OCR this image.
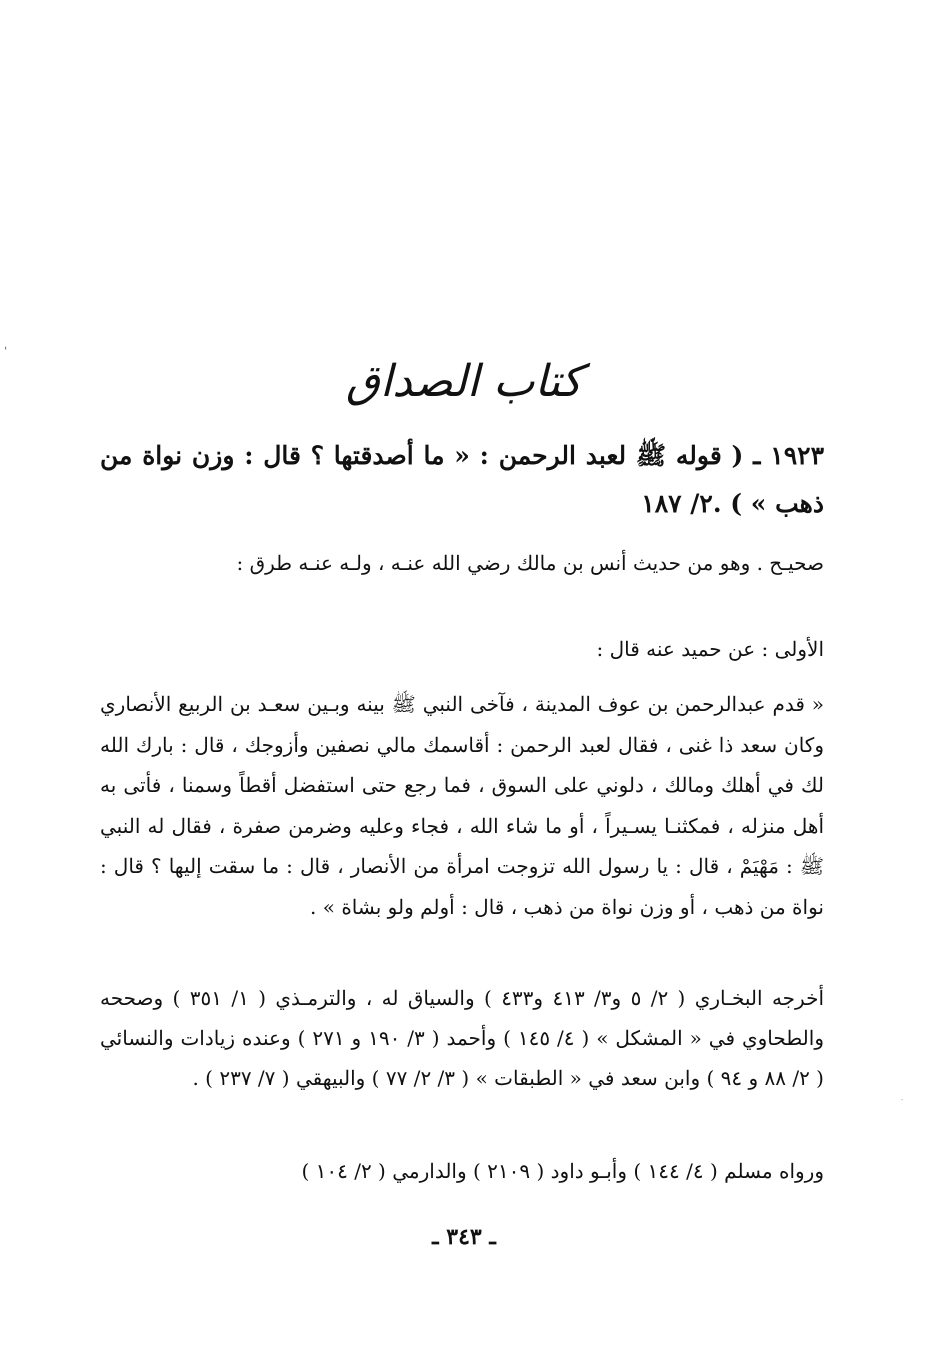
ˈ
كتاب الصداق
١٩٢٣ ـ ( قوله ﷺ لعبد الرحمن : « ما أصدقتها ؟ قال : وزن نواة من ذهب » ) .٢/ ١٨٧

صحيـح . وهو من حديث أنس بن مالك رضي الله عنـه ، ولـه عنـه طرق :

الأولى : عن حميد عنه قال :

« قدم عبدالرحمن بن عوف المدينة ، فآخى النبي ﷺ بينه وبـين سعـد بن الربيع الأنصاري وكان سعد ذا غنى ، فقال لعبد الرحمن : أقاسمك مالي نصفين وأزوجك ، قال : بارك الله لك في أهلك ومالك ، دلوني على السوق ، فما رجع حتى استفضل أقطاً وسمنا ، فأتى به أهل منزله ، فمكثنـا يسـيراً ، أو ما شاء الله ، فجاء وعليه وضرمن صفرة ، فقال له النبي ﷺ : مَهْيَمْ ، قال : يا رسول الله تزوجت امرأة من الأنصار ، قال : ما سقت إليها ؟ قال : نواة من ذهب ، أو وزن نواة من ذهب ، قال : أولم ولو بشاة » .

أخرجه البخـاري ( ٢/ ٥ و٣/ ٤١٣ و٤٣٣ ) والسياق له ، والترمـذي ( ١/ ٣٥١ ) وصححه والطحاوي في « المشكل » ( ٤/ ١٤٥ ) وأحمد ( ٣/ ١٩٠ و ٢٧١ ) وعنده زيادات والنسائي ( ٢/ ٨٨ و ٩٤ ) وابن سعد في « الطبقات » ( ٣/ ٢/ ٧٧ ) والبيهقي ( ٧/ ٢٣٧ ) .

ورواه مسلم ( ٤/ ١٤٤ ) وأبـو داود ( ٢١٠٩ ) والدارمي ( ٢/ ١٠٤ )

ـ ٣٤٣ ـ
